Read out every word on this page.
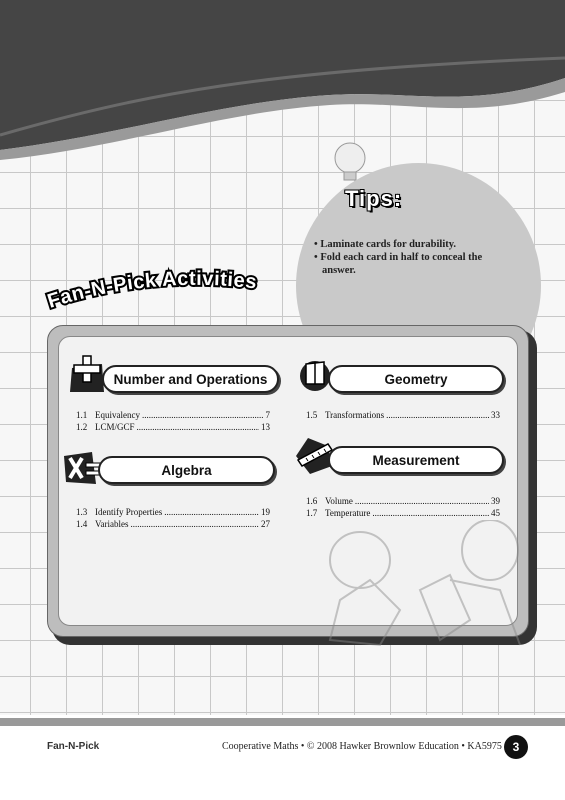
Tips:
• Laminate cards for durability.
• Fold each card in half to conceal the answer.
Fan-N-Pick Activities
Number and Operations
1.1 Equivalency .....	7
1.2 LCM/GCF .....	13
Algebra
1.3 Identify Properties .....	19
1.4 Variables .....	27
Geometry
1.5 Transformations .....	33
Measurement
1.6 Volume .....	39
1.7 Temperature .....	45
Fan-N-Pick	Cooperative Maths • © 2008 Hawker Brownlow Education • KA5975 3
